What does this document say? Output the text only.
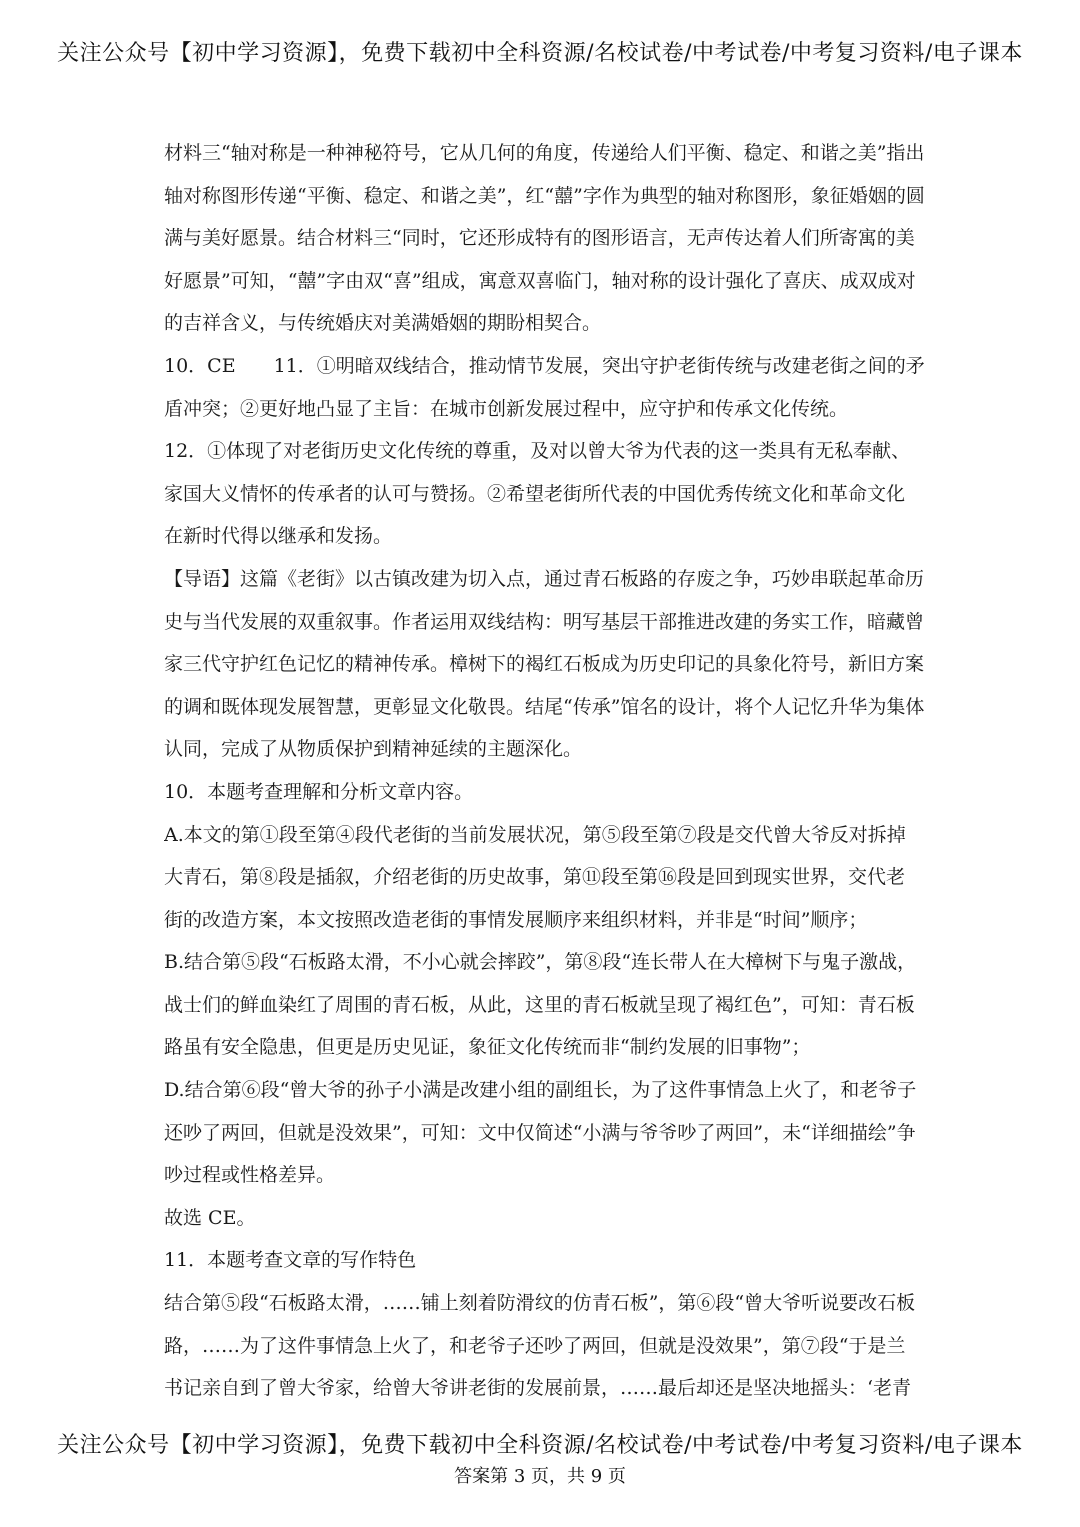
关注公众号【初中学习资源】，免费下载初中全科资源/名校试卷/中考试卷/中考复习资料/电子课本
材料三“轴对称是一种神秘符号，它从几何的角度，传递给人们平衡、稳定、和谐之美”指出
轴对称图形传递“平衡、稳定、和谐之美”，红“囍”字作为典型的轴对称图形，象征婚姻的圆
满与美好愿景。结合材料三“同时，它还形成特有的图形语言，无声传达着人们所寄寓的美
好愿景”可知，“囍”字由双“喜”组成，寓意双喜临门，轴对称的设计强化了喜庆、成双成对
的吉祥含义，与传统婚庆对美满婚姻的期盼相契合。
10．CE　　11．①明暗双线结合，推动情节发展，突出守护老街传统与改建老街之间的矛
盾冲突；②更好地凸显了主旨：在城市创新发展过程中，应守护和传承文化传统。
12．①体现了对老街历史文化传统的尊重，及对以曾大爷为代表的这一类具有无私奉献、
家国大义情怀的传承者的认可与赞扬。②希望老街所代表的中国优秀传统文化和革命文化
在新时代得以继承和发扬。
【导语】这篇《老街》以古镇改建为切入点，通过青石板路的存废之争，巧妙串联起革命历
史与当代发展的双重叙事。作者运用双线结构：明写基层干部推进改建的务实工作，暗藏曾
家三代守护红色记忆的精神传承。樟树下的褐红石板成为历史印记的具象化符号，新旧方案
的调和既体现发展智慧，更彰显文化敬畏。结尾“传承”馆名的设计，将个人记忆升华为集体
认同，完成了从物质保护到精神延续的主题深化。
10．本题考查理解和分析文章内容。
A.本文的第①段至第④段代老街的当前发展状况，第⑤段至第⑦段是交代曾大爷反对拆掉
大青石，第⑧段是插叙，介绍老街的历史故事，第⑪段至第⑯段是回到现实世界，交代老
街的改造方案，本文按照改造老街的事情发展顺序来组织材料，并非是“时间”顺序；
B.结合第⑤段“石板路太滑，不小心就会摔跤”，第⑧段“连长带人在大樟树下与鬼子激战，
战士们的鲜血染红了周围的青石板，从此，这里的青石板就呈现了褐红色”，可知：青石板
路虽有安全隐患，但更是历史见证，象征文化传统而非“制约发展的旧事物”；
D.结合第⑥段“曾大爷的孙子小满是改建小组的副组长，为了这件事情急上火了，和老爷子
还吵了两回，但就是没效果”，可知：文中仅简述“小满与爷爷吵了两回”，未“详细描绘”争
吵过程或性格差异。
故选 CE。
11．本题考查文章的写作特色
结合第⑤段“石板路太滑，……铺上刻着防滑纹的仿青石板”，第⑥段“曾大爷听说要改石板
路，……为了这件事情急上火了，和老爷子还吵了两回，但就是没效果”，第⑦段“于是兰
书记亲自到了曾大爷家，给曾大爷讲老街的发展前景，……最后却还是坚决地摇头：‘老青
关注公众号【初中学习资源】，免费下载初中全科资源/名校试卷/中考试卷/中考复习资料/电子课本
答案第 3 页，共 9 页
